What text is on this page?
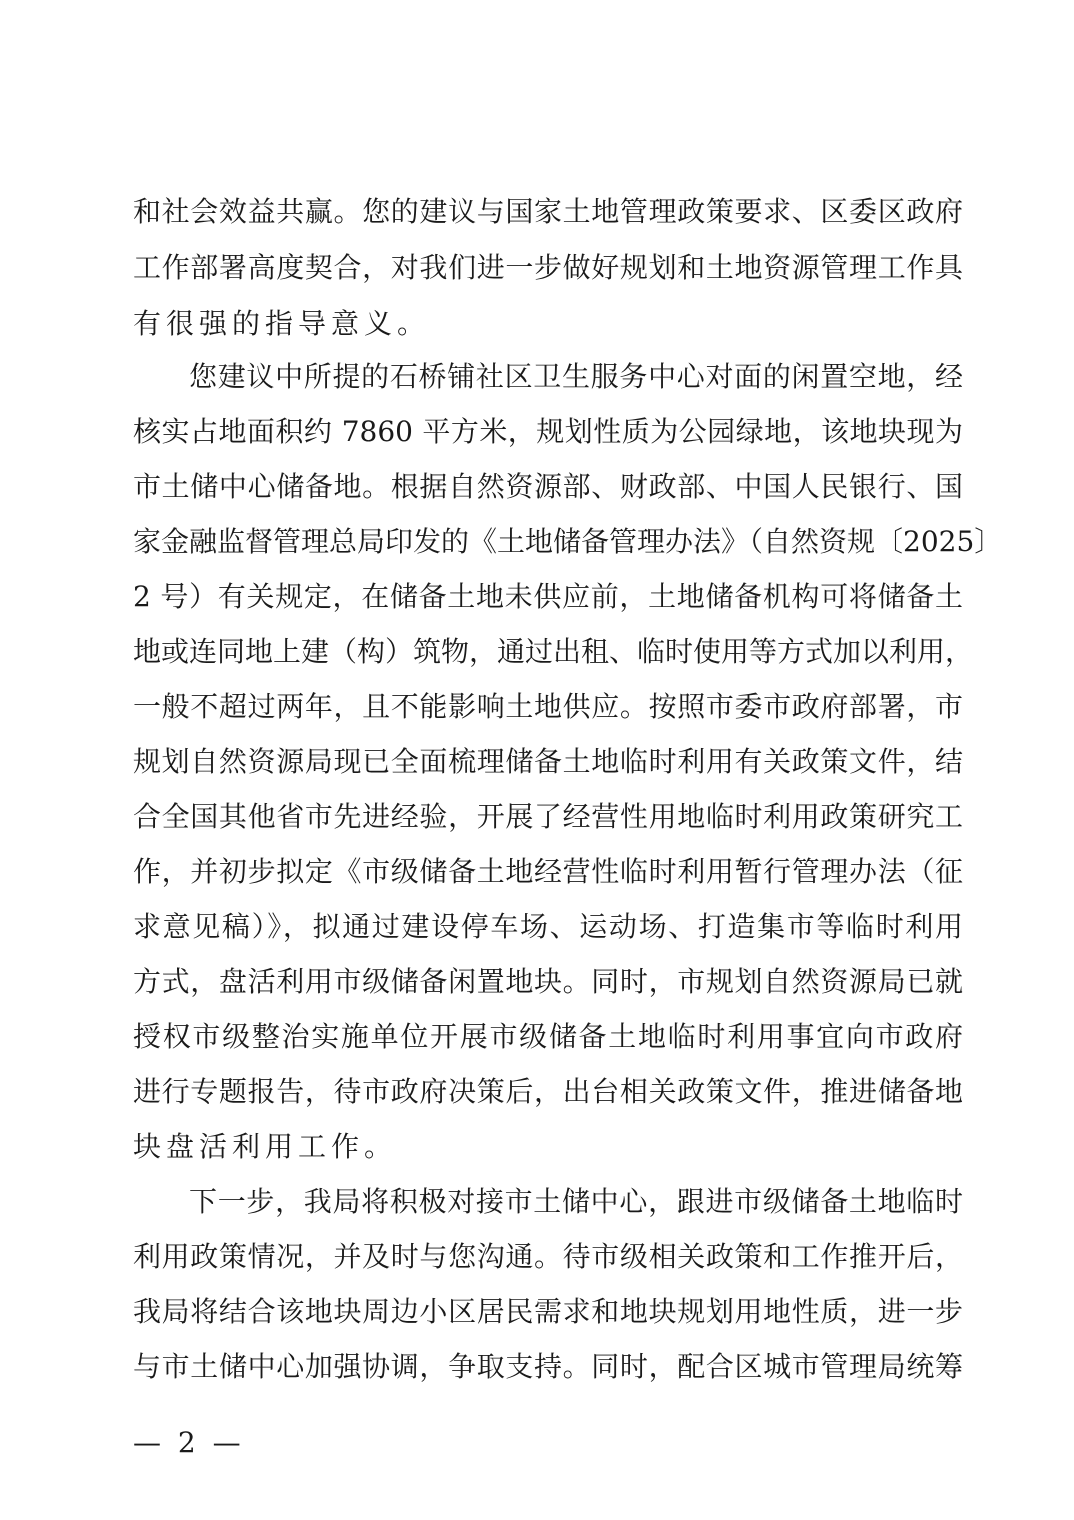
和社会效益共赢。您的建议与国家土地管理政策要求、区委区政府
工作部署高度契合，对我们进一步做好规划和土地资源管理工作具
有很强的指导意义。
您建议中所提的石桥铺社区卫生服务中心对面的闲置空地，经
核实占地面积约 7860 平方米，规划性质为公园绿地，该地块现为
市土储中心储备地。根据自然资源部、财政部、中国人民银行、国
家金融监督管理总局印发的《土地储备管理办法》（自然资规〔2025〕
2 号）有关规定，在储备土地未供应前，土地储备机构可将储备土
地或连同地上建（构）筑物，通过出租、临时使用等方式加以利用，
一般不超过两年，且不能影响土地供应。按照市委市政府部署，市
规划自然资源局现已全面梳理储备土地临时利用有关政策文件，结
合全国其他省市先进经验，开展了经营性用地临时利用政策研究工
作，并初步拟定《市级储备土地经营性临时利用暂行管理办法（征
求意见稿）》，拟通过建设停车场、运动场、打造集市等临时利用
方式，盘活利用市级储备闲置地块。同时，市规划自然资源局已就
授权市级整治实施单位开展市级储备土地临时利用事宜向市政府
进行专题报告，待市政府决策后，出台相关政策文件，推进储备地
块盘活利用工作。
下一步，我局将积极对接市土储中心，跟进市级储备土地临时
利用政策情况，并及时与您沟通。待市级相关政策和工作推开后，
我局将结合该地块周边小区居民需求和地块规划用地性质，进一步
与市土储中心加强协调，争取支持。同时，配合区城市管理局统筹
— 2 —
